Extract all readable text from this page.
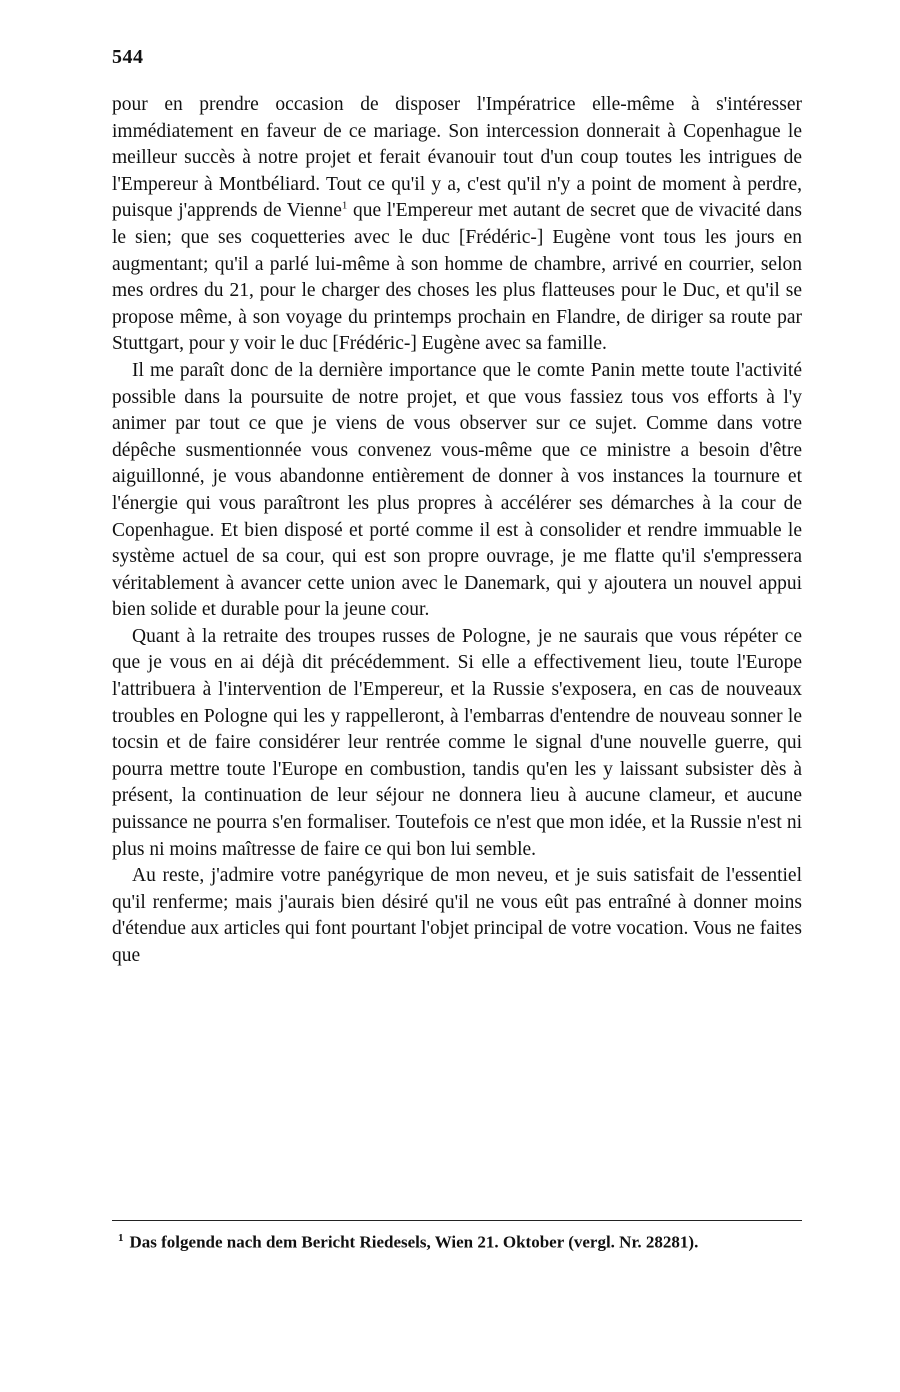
544

pour en prendre occasion de disposer l'Impératrice elle-même à s'intéresser immédiatement en faveur de ce mariage. Son intercession donnerait à Copenhague le meilleur succès à notre projet et ferait évanouir tout d'un coup toutes les intrigues de l'Empereur à Montbéliard. Tout ce qu'il y a, c'est qu'il n'y a point de moment à perdre, puisque j'apprends de Vienne$^1$ que l'Empereur met autant de secret que de vivacité dans le sien; que ses coquetteries avec le duc [Frédéric-] Eugène vont tous les jours en augmentant; qu'il a parlé lui-même à son homme de chambre, arrivé en courrier, selon mes ordres du 21, pour le charger des choses les plus flatteuses pour le Duc, et qu'il se propose même, à son voyage du printemps prochain en Flandre, de diriger sa route par Stuttgart, pour y voir le duc [Frédéric-] Eugène avec sa famille.

Il me paraît donc de la dernière importance que le comte Panin mette toute l'activité possible dans la poursuite de notre projet, et que vous fassiez tous vos efforts à l'y animer par tout ce que je viens de vous observer sur ce sujet. Comme dans votre dépêche susmentionnée vous convenez vous-même que ce ministre a besoin d'être aiguillonné, je vous abandonne entièrement de donner à vos instances la tournure et l'énergie qui vous paraîtront les plus propres à accélérer ses démarches à la cour de Copenhague. Et bien disposé et porté comme il est à consolider et rendre immuable le système actuel de sa cour, qui est son propre ouvrage, je me flatte qu'il s'empressera véritablement à avancer cette union avec le Danemark, qui y ajoutera un nouvel appui bien solide et durable pour la jeune cour.

Quant à la retraite des troupes russes de Pologne, je ne saurais que vous répéter ce que je vous en ai déjà dit précédemment. Si elle a effectivement lieu, toute l'Europe l'attribuera à l'intervention de l'Empereur, et la Russie s'exposera, en cas de nouveaux troubles en Pologne qui les y rappelleront, à l'embarras d'entendre de nouveau sonner le tocsin et de faire considérer leur rentrée comme le signal d'une nouvelle guerre, qui pourra mettre toute l'Europe en combustion, tandis qu'en les y laissant subsister dès à présent, la continuation de leur séjour ne donnera lieu à aucune clameur, et aucune puissance ne pourra s'en formaliser. Toutefois ce n'est que mon idée, et la Russie n'est ni plus ni moins maîtresse de faire ce qui bon lui semble.

Au reste, j'admire votre panégyrique de mon neveu, et je suis satisfait de l'essentiel qu'il renferme; mais j'aurais bien désiré qu'il ne vous eût pas entraîné à donner moins d'étendue aux articles qui font pourtant l'objet principal de votre vocation. Vous ne faites que

$^1$ Das folgende nach dem Bericht Riedesels, Wien 21. Oktober (vergl. Nr. 28281).
